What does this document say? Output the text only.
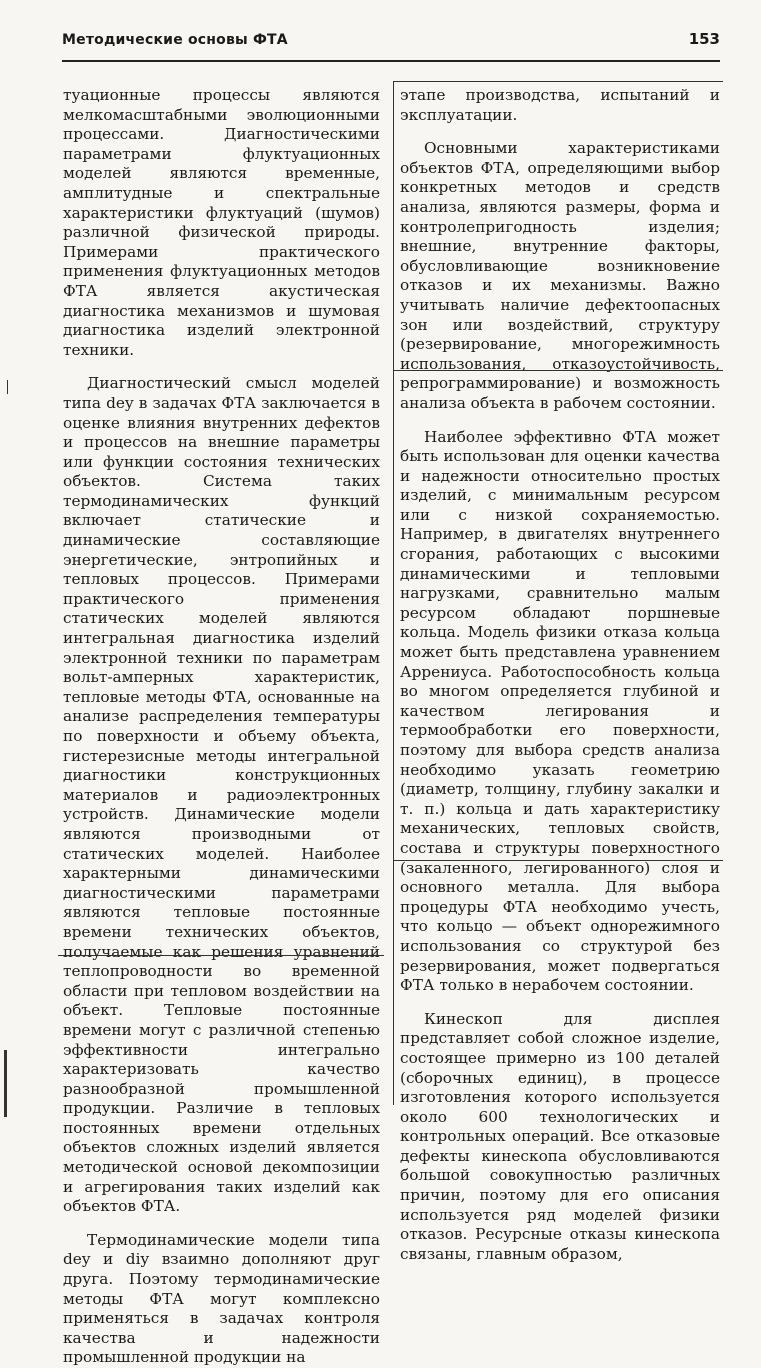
Методические основы ФТА	153

туационные процессы являются мелкомасштабными эволюционными процессами. Диагностическими параметрами флуктуационных моделей являются временные, амплитудные и спектральные характеристики флуктуаций (шумов) различной физической природы. Примерами практического применения флуктуационных методов ФТА является акустическая диагностика механизмов и шумовая диагностика изделий электронной техники.

Диагностический смысл моделей типа dey в задачах ФТА заключается в оценке влияния внутренних дефектов и процессов на внешние параметры или функции состояния технических объектов. Система таких термодинамических функций включает статические и динамические составляющие энергетические, энтропийных и тепловых процессов. Примерами практического применения статических моделей являются интегральная диагностика изделий электронной техники по параметрам вольт-амперных характеристик, тепловые методы ФТА, основанные на анализе распределения температуры по поверхности и объему объекта, гистерезисные методы интегральной диагностики конструкционных материалов и радиоэлектронных устройств. Динамические модели являются производными от статических моделей. Наиболее характерными динамическими диагностическими параметрами являются тепловые постоянные времени технических объектов, получаемые как решения уравнений теплопроводности во временной области при тепловом воздействии на объект. Тепловые постоянные времени могут с различной степенью эффективности интегрально характеризовать качество разнообразной промышленной продукции. Различие в тепловых постоянных времени отдельных объектов сложных изделий является методической основой декомпозиции и агрегирования таких изделий как объектов ФТА.

Термодинамические модели типа dey и diy взаимно дополняют друг друга. Поэтому термодинамические методы ФТА могут комплексно применяться в задачах контроля качества и надежности промышленной продукции на

этапе производства, испытаний и эксплуатации.

Основными характеристиками объектов ФТА, определяющими выбор конкретных методов и средств анализа, являются размеры, форма и контролепригодность изделия; внешние, внутренние факторы, обусловливающие возникновение отказов и их механизмы. Важно учитывать наличие дефектоопасных зон или воздействий, структуру (резервирование, многорежимность использования, отказоустойчивость, репрограммирование) и возможность анализа объекта в рабочем состоянии.

Наиболее эффективно ФТА может быть использован для оценки качества и надежности относительно простых изделий, с минимальным ресурсом или с низкой сохраняемостью. Например, в двигателях внутреннего сгорания, работающих с высокими динамическими и тепловыми нагрузками, сравнительно малым ресурсом обладают поршневые кольца. Модель физики отказа кольца может быть представлена уравнением Аррениуса. Работоспособность кольца во многом определяется глубиной и качеством легирования и термообработки его поверхности, поэтому для выбора средств анализа необходимо указать геометрию (диаметр, толщину, глубину закалки и т. п.) кольца и дать характеристику механических, тепловых свойств, состава и структуры поверхностного (закаленного, легированного) слоя и основного металла. Для выбора процедуры ФТА необходимо учесть, что кольцо — объект однорежимного использования со структурой без резервирования, может подвергаться ФТА только в нерабочем состоянии.

Кинескоп для дисплея представляет собой сложное изделие, состоящее примерно из 100 деталей (сборочных единиц), в процессе изготовления которого используется около 600 технологических и контрольных операций. Все отказовые дефекты кинескопа обусловливаются большой совокупностью различных причин, поэтому для его описания используется ряд моделей физики отказов. Ресурсные отказы кинескопа связаны, главным образом,
